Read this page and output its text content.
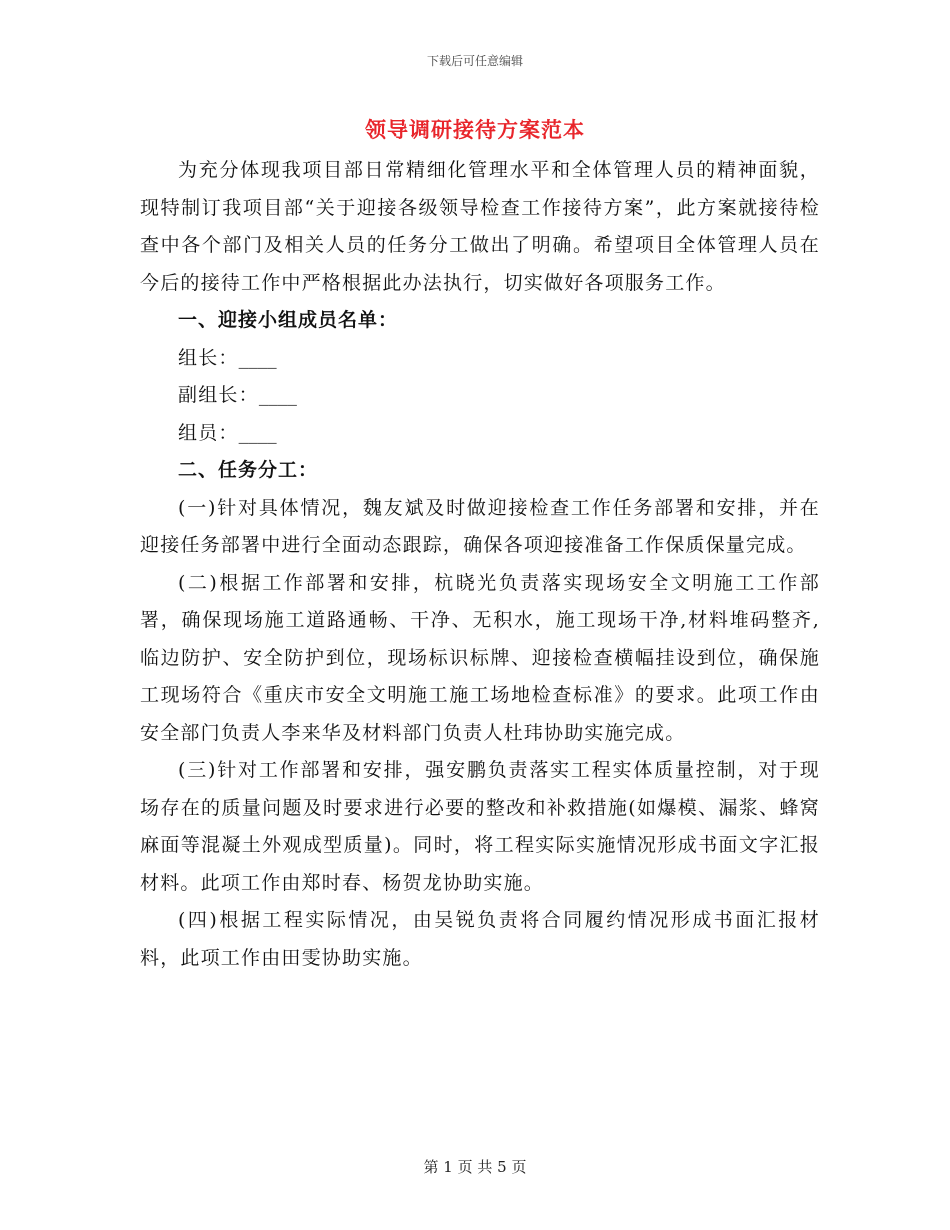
下载后可任意编辑
领导调研接待方案范本

为充分体现我项目部日常精细化管理水平和全体管理人员的精神面貌，现特制订我项目部“关于迎接各级领导检查工作接待方案”，此方案就接待检查中各个部门及相关人员的任务分工做出了明确。希望项目全体管理人员在今后的接待工作中严格根据此办法执行，切实做好各项服务工作。

一、迎接小组成员名单：

组长：____

副组长：____

组员：____

二、任务分工：

(一)针对具体情况，魏友斌及时做迎接检查工作任务部署和安排，并在迎接任务部署中进行全面动态跟踪，确保各项迎接准备工作保质保量完成。

(二)根据工作部署和安排，杭晓光负责落实现场安全文明施工工作部署，确保现场施工道路通畅、干净、无积水，施工现场干净,材料堆码整齐,临边防护、安全防护到位，现场标识标牌、迎接检查横幅挂设到位，确保施工现场符合《重庆市安全文明施工施工场地检查标准》的要求。此项工作由安全部门负责人李来华及材料部门负责人杜玮协助实施完成。

(三)针对工作部署和安排，强安鹏负责落实工程实体质量控制，对于现场存在的质量问题及时要求进行必要的整改和补救措施(如爆模、漏浆、蜂窝麻面等混凝土外观成型质量)。同时，将工程实际实施情况形成书面文字汇报材料。此项工作由郑时春、杨贺龙协助实施。

(四)根据工程实际情况，由吴锐负责将合同履约情况形成书面汇报材料，此项工作由田雯协助实施。

第 1 页 共 5 页
